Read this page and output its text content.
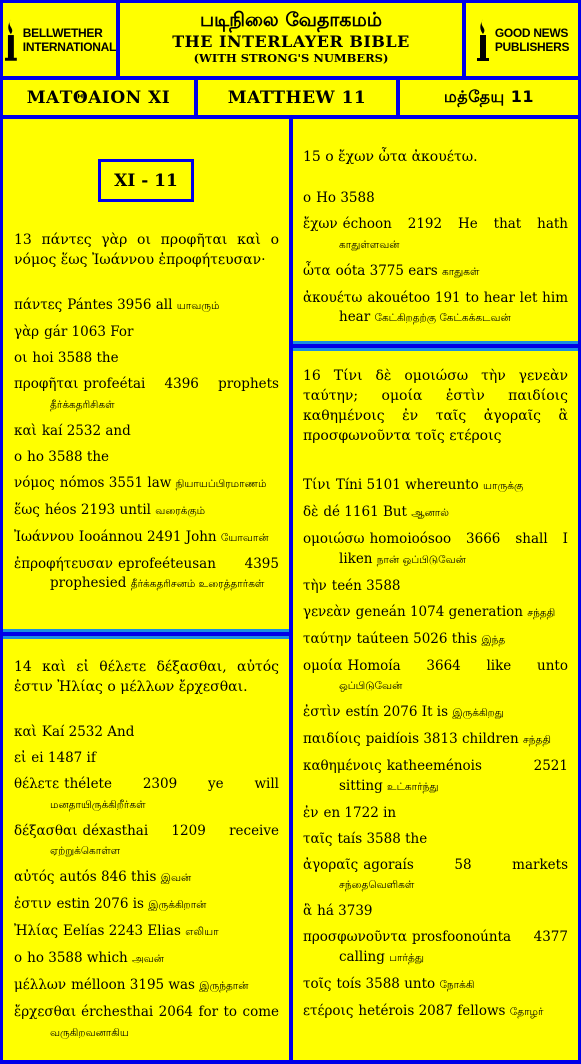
BELLWETHER
INTERNATIONAL
படிநிலை வேதாகமம்
THE INTERLAYER BIBLE
(WITH STRONG'S NUMBERS)
GOOD NEWS
PUBLISHERS
ΜΑΤΘΑΙΟΝ XI	MATTHEW 11	மத்தேயு 11
XI - 11
13 πάντες γὰρ οι προφῆται καὶ ο νόμος ἕως Ἰωάννου ἐπροφήτευσαν·
πάντες Pántes 3956 all யாவரும்
γὰρ gár 1063 For
οι hoi 3588 the
προφῆται profeétai 4396 prophets தீர்க்கதரிசிகள்
καὶ kaí 2532 and
ο ho 3588 the
νόμος nómos 3551 law நியாயப்பிரமாணம்
ἕως héos 2193 until வரைக்கும்
Ἰωάννου Iooánnou 2491 John யோவான்
ἐπροφήτευσαν eprofeéteusan 4395 prophesied தீர்க்கதரிசனம் உரைத்தார்கள்
14 καὶ εἰ θέλετε δέξασθαι, αὐτός ἐστιν Ἠλίας ο μέλλων ἔρχεσθαι.
καὶ Kaí 2532 And
εἰ ei 1487 if
θέλετε thélete 2309 ye will மனதாயிருக்கிறீர்கள்
δέξασθαι déxasthai 1209 receive ஏற்றுக்கொள்ள
αὐτός autós 846 this இவன்
ἐστιν estin 2076 is இருக்கிறான்
Ἠλίας Eelías 2243 Elias எலியா
ο ho 3588 which அவன்
μέλλων mélloon 3195 was இருந்தான்
ἔρχεσθαι érchesthai 2064 for to come வருகிறவனாகிய
15 ο ἔχων ὦτα ἀκουέτω.
ο Ho 3588
ἔχων échoon 2192 He that hath காதுள்ளவன்
ὦτα oóta 3775 ears காதுகள்
ἀκουέτω akouétoo 191 to hear let him hear கேட்கிறதற்கு கேட்கக்கடவன்
16 Τίνι δὲ ομοιώσω τὴν γενεὰν ταύτην; ομοία ἐστὶν παιδίοις καθημένοις ἐν ταῖς ἀγοραῖς ἃ προσφωνοῦντα τοῖς ετέροις
Τίνι Tíni 5101 whereunto யாருக்கு
δὲ dé 1161 But ஆனால்
ομοιώσω homoioósoo 3666 shall I liken நான் ஒப்பிடுவேன்
τὴν teén 3588
γενεὰν geneán 1074 generation சந்ததி
ταύτην taúteen 5026 this இந்த
ομοία Homoía 3664 like unto ஒப்பிடுவேன்
ἐστὶν estín 2076 It is இருக்கிறது
παιδίοις paidíois 3813 children சந்ததி
καθημένοις katheeménois 2521 sitting உட்கார்ந்து
ἐν en 1722 in
ταῖς taís 3588 the
ἀγοραῖς agoraís 58 markets சந்தைவெளிகள்
ἃ há 3739
προσφωνοῦντα prosfoonoúnta 4377 calling பார்த்து
τοῖς toís 3588 unto நோக்கி
ετέροις hetérois 2087 fellows தோழர்
